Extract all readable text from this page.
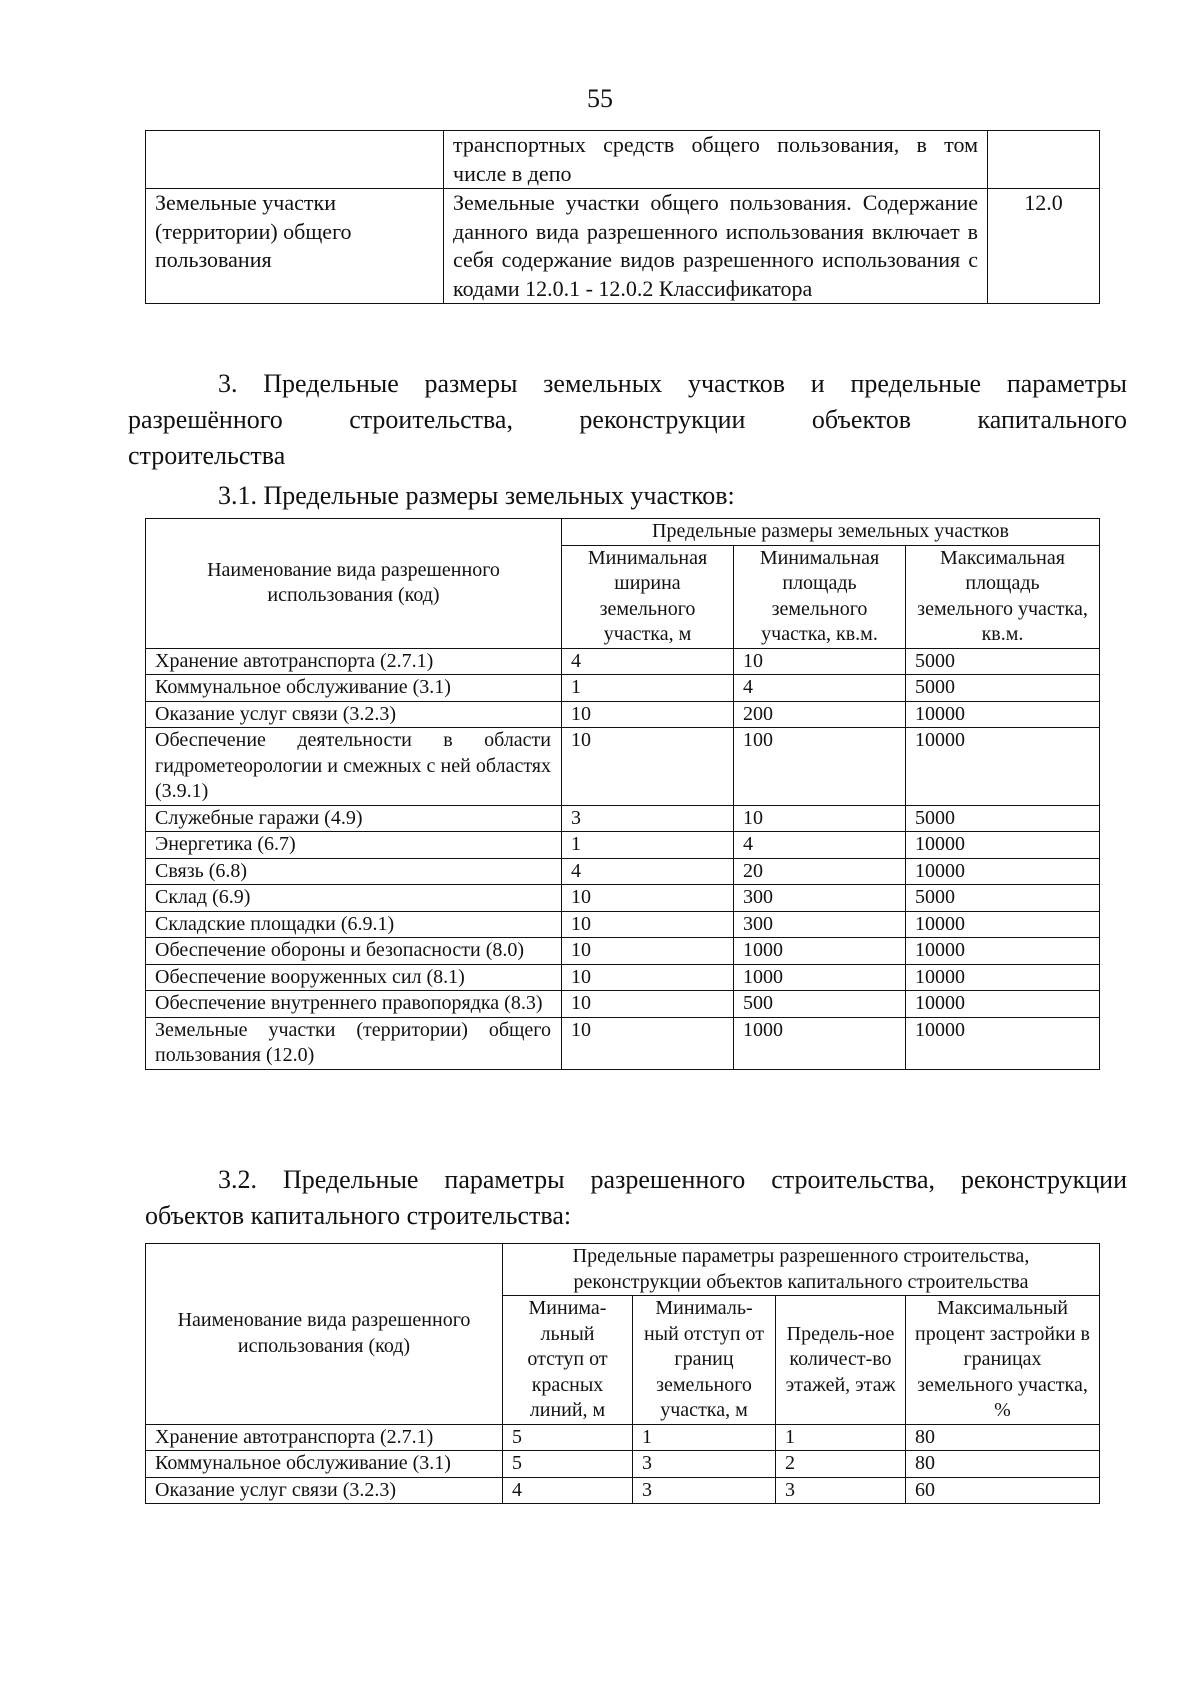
55
	транспортных средств общего пользования, в том числе в депо	
Земельные участки (территории) общего пользования	Земельные участки общего пользования. Содержание данного вида разрешенного использования включает в себя содержание видов разрешенного использования с кодами 12.0.1 - 12.0.2 Классификатора	12.0
3. Предельные размеры земельных участков и предельные параметры
разрешённого строительства, реконструкции объектов капитального
строительства
3.1. Предельные размеры земельных участков:
Наименование вида разрешенного использования (код)	Предельные размеры земельных участков		
	Минимальная ширина земельного участка, м	Минимальная площадь земельного участка, кв.м.	Максимальная площадь земельного участка, кв.м.
Хранение автотранспорта (2.7.1)	4	10	5000
Коммунальное обслуживание (3.1)	1	4	5000
Оказание услуг связи (3.2.3)	10	200	10000
Обеспечение деятельности в области гидрометеорологии и смежных с ней областях (3.9.1)	10	100	10000
Служебные гаражи (4.9)	3	10	5000
Энергетика (6.7)	1	4	10000
Связь (6.8)	4	20	10000
Склад (6.9)	10	300	5000
Складские площадки (6.9.1)	10	300	10000
Обеспечение обороны и безопасности (8.0)	10	1000	10000
Обеспечение вооруженных сил (8.1)	10	1000	10000
Обеспечение внутреннего правопорядка (8.3)	10	500	10000
Земельные участки (территории) общего пользования (12.0)	10	1000	10000
3.2. Предельные параметры разрешенного строительства, реконструкции
объектов капитального строительства:
Наименование вида разрешенного использования (код)	Предельные параметры разрешенного строительства, реконструкции объектов капитального строительства			
	Минима-льный отступ от красных линий, м	Минималь-ный отступ от границ земельного участка, м	Предель-ное количест-во этажей, этаж	Максимальный процент застройки в границах земельного участка, %
Хранение автотранспорта (2.7.1)	5	1	1	80
Коммунальное обслуживание (3.1)	5	3	2	80
Оказание услуг связи (3.2.3)	4	3	3	60
